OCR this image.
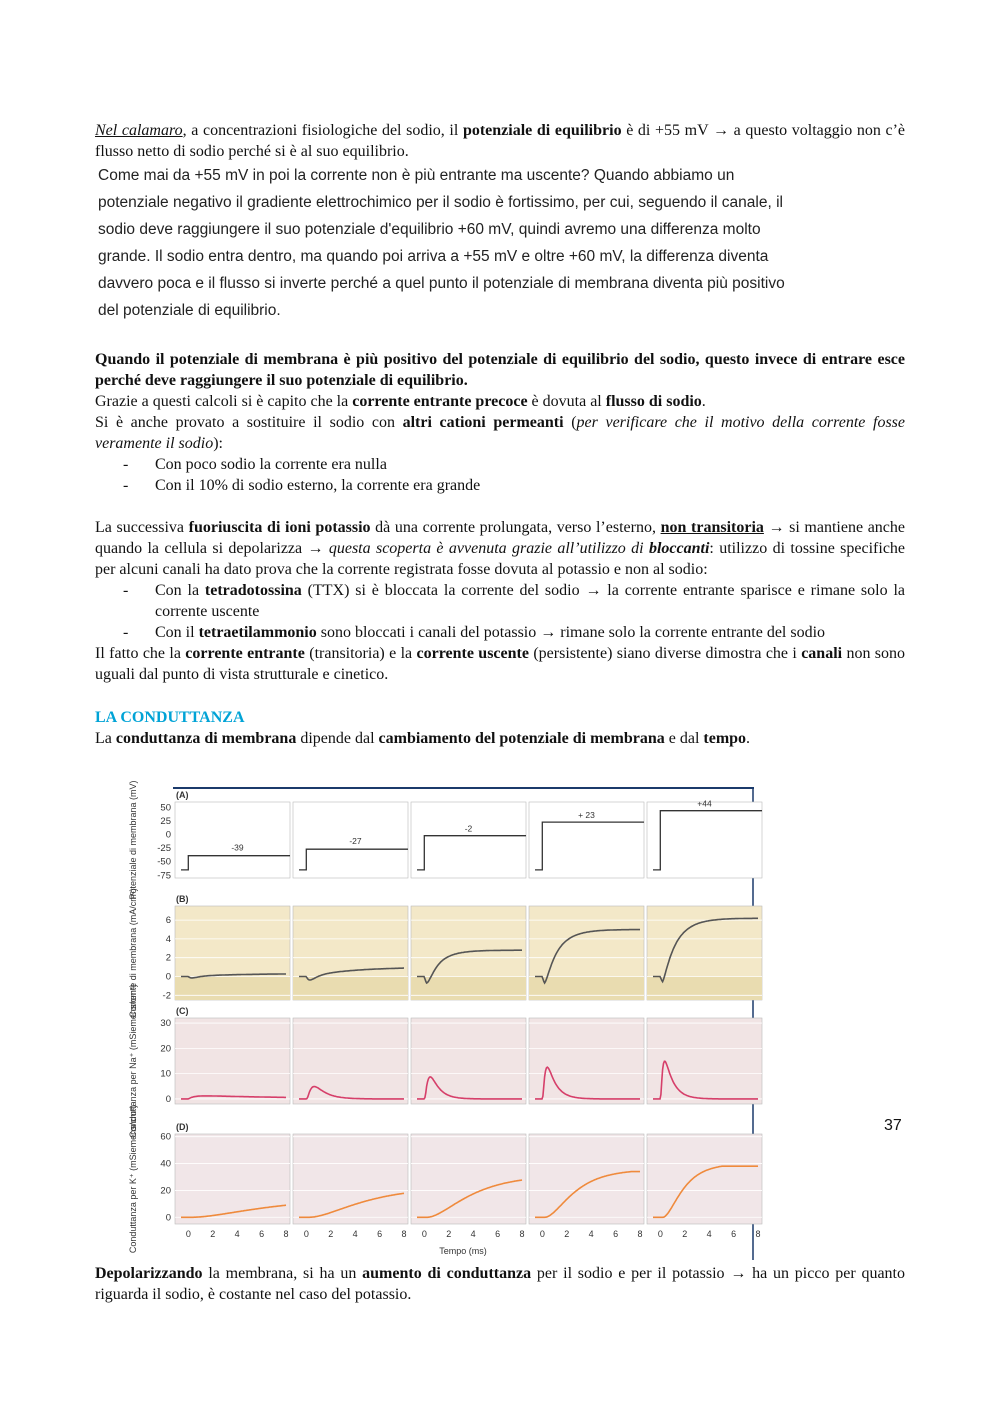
Nel calamaro, a concentrazioni fisiologiche del sodio, il potenziale di equilibrio è di +55 mV → a questo voltaggio non c’è flusso netto di sodio perché si è al suo equilibrio.

Come mai da +55 mV in poi la corrente non è più entrante ma uscente? Quando abbiamo un potenziale negativo il gradiente elettrochimico per il sodio è fortissimo, per cui, seguendo il canale, il sodio deve raggiungere il suo potenziale d'equilibrio +60 mV, quindi avremo una differenza molto grande. Il sodio entra dentro, ma quando poi arriva a +55 mV e oltre +60 mV, la differenza diventa davvero poca e il flusso si inverte perché a quel punto il potenziale di membrana diventa più positivo del potenziale di equilibrio.

Quando il potenziale di membrana è più positivo del potenziale di equilibrio del sodio, questo invece di entrare esce perché deve raggiungere il suo potenziale di equilibrio.

Grazie a questi calcoli si è capito che la corrente entrante precoce è dovuta al flusso di sodio.

Si è anche provato a sostituire il sodio con altri cationi permeanti (per verificare che il motivo della corrente fosse veramente il sodio):

- Con poco sodio la corrente era nulla
- Con il 10% di sodio esterno, la corrente era grande

La successiva fuoriuscita di ioni potassio dà una corrente prolungata, verso l’esterno, non transitoria → si mantiene anche quando la cellula si depolarizza → questa scoperta è avvenuta grazie all’utilizzo di bloccanti: utilizzo di tossine specifiche per alcuni canali ha dato prova che la corrente registrata fosse dovuta al potassio e non al sodio:

- Con la tetradotossina (TTX) si è bloccata la corrente del sodio → la corrente entrante sparisce e rimane solo la corrente uscente
- Con il tetraetilammonio sono bloccati i canali del potassio → rimane solo la corrente entrante del sodio

Il fatto che la corrente entrante (transitoria) e la corrente uscente (persistente) siano diverse dimostra che i canali non sono uguali dal punto di vista strutturale e cinetico.

LA CONDUTTANZA

La conduttanza di membrana dipende dal cambiamento del potenziale di membrana e dal tempo.

(A)
Potenziale di membrana (mV) 50
25
0
-25
-50
-75
-39
-27
-2
+ 23
+44
(B)
Corrente di membrana (mA/cm²)	6
4
2
0
-2
(C)
Conduttanza per Na⁺ (mSiemens/cm²) 30
20
10
0
(D)
Conduttanza per K⁺ (mSiemens/cm²) 60
40
20
0
0 2 4 6 8 0 2 4 6 8 0 2 4 6 8 0 2 4 6 8 0 2 4 6 8
Tempo (ms)

Depolarizzando la membrana, si ha un aumento di conduttanza per il sodio e per il potassio → ha un picco per quanto riguarda il sodio, è costante nel caso del potassio.

37
